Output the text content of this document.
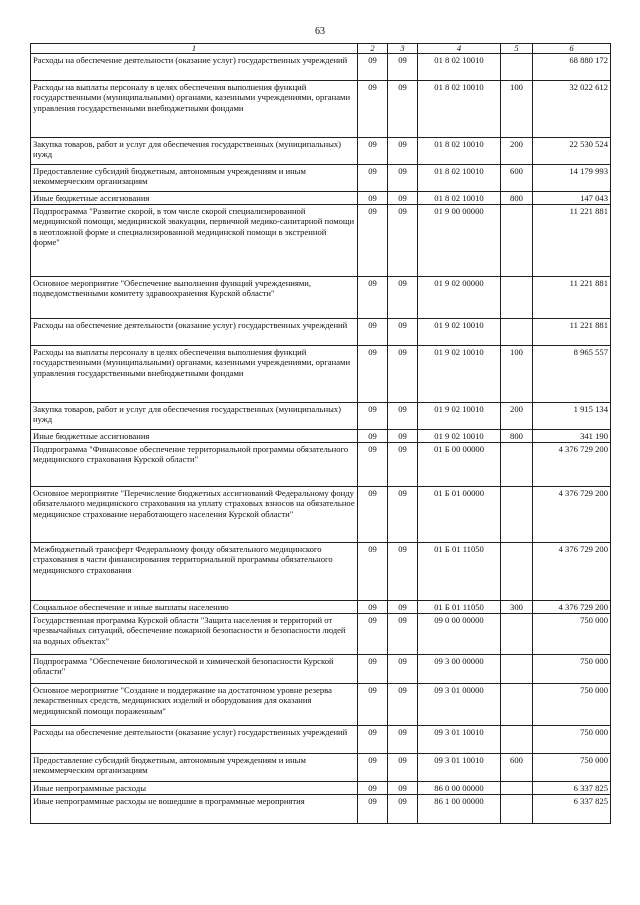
63
1	2	3	4	5	6
Расходы на обеспечение деятельности (оказание услуг) государственных учреждений	09	09	01 8 02 10010		68 880 172
Расходы на выплаты персоналу в целях обеспечения выполнения функций государственными (муниципальными) органами, казенными учреждениями, органами управления государственными внебюджетными фондами	09	09	01 8 02 10010	100	32 022 612
Закупка товаров, работ и услуг для обеспечения государственных (муниципальных) нужд	09	09	01 8 02 10010	200	22 530 524
Предоставление субсидий бюджетным, автономным учреждениям и иным некоммерческим организациям	09	09	01 8 02 10010	600	14 179 993
Иные бюджетные ассигнования	09	09	01 8 02 10010	800	147 043
Подпрограмма "Развитие скорой, в том числе скорой специализированной медицинской помощи, медицинской эвакуации, первичной медико-санитарной помощи в неотложной форме и специализированной медицинской помощи в экстренной форме"	09	09	01 9 00 00000		11 221 881
Основное мероприятие "Обеспечение выполнения функций учреждениями, подведомственными комитету здравоохранения Курской области"	09	09	01 9 02 00000		11 221 881
Расходы на обеспечение деятельности (оказание услуг) государственных учреждений	09	09	01 9 02 10010		11 221 881
Расходы на выплаты персоналу в целях обеспечения выполнения функций государственными (муниципальными) органами, казенными учреждениями, органами управления государственными внебюджетными фондами	09	09	01 9 02 10010	100	8 965 557
Закупка товаров, работ и услуг для обеспечения государственных (муниципальных) нужд	09	09	01 9 02 10010	200	1 915 134
Иные бюджетные ассигнования	09	09	01 9 02 10010	800	341 190
Подпрограмма "Финансовое обеспечение территориальной программы обязательного медицинского страхования Курской области"	09	09	01 Б 00 00000		4 376 729 200
Основное мероприятие "Перечисление бюджетных ассигнований Федеральному фонду обязательного медицинского страхования на уплату страховых взносов на обязательное медицинское страхование неработающего населения Курской области"	09	09	01 Б 01 00000		4 376 729 200
Межбюджетный трансферт Федеральному фонду обязательного медицинского страхования в части финансирования территориальной программы обязательного медицинского страхования	09	09	01 Б 01 11050		4 376 729 200
Социальное обеспечение и иные выплаты населению	09	09	01 Б 01 11050	300	4 376 729 200
Государственная программа Курской области "Защита населения и территорий от чрезвычайных ситуаций, обеспечение пожарной безопасности и безопасности людей на водных объектах"	09	09	09 0 00 00000		750 000
Подпрограмма "Обеспечение биологической и химической безопасности Курской области"	09	09	09 3 00 00000		750 000
Основное мероприятие "Создание и поддержание на достаточном уровне резерва лекарственных средств, медицинских изделий и оборудования для оказания медицинской помощи пораженным"	09	09	09 3 01 00000		750 000
Расходы на обеспечение деятельности (оказание услуг) государственных учреждений	09	09	09 3 01 10010		750 000
Предоставление субсидий бюджетным, автономным учреждениям и иным некоммерческим организациям	09	09	09 3 01 10010	600	750 000
Иные непрограммные расходы	09	09	86 0 00 00000		6 337 825
Иные непрограммные расходы не вошедшие в программные мероприятия	09	09	86 1 00 00000		6 337 825
